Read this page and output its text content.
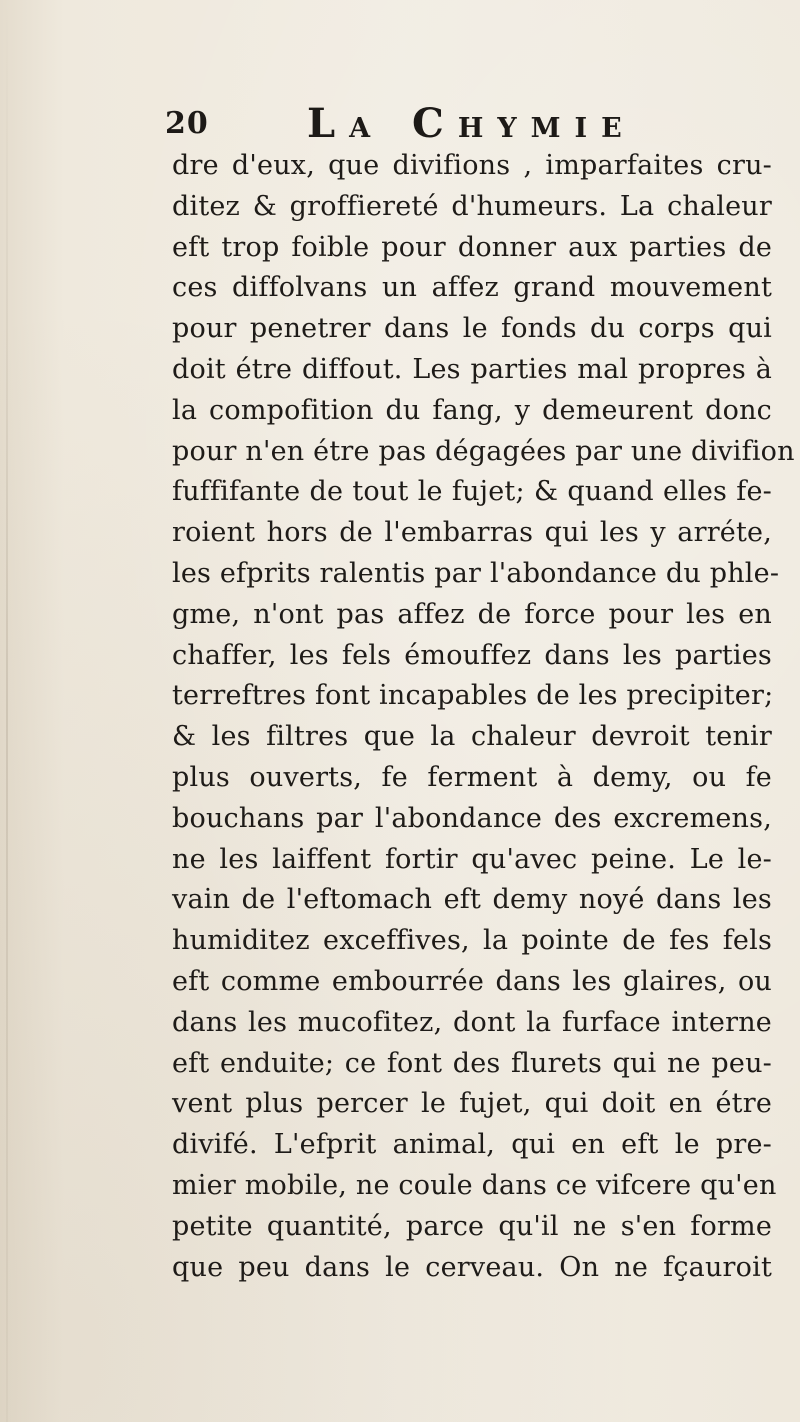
20 LA CHYMIE
dre d'eux, que divifions , imparfaites cru-
ditez & groffiereté d'humeurs. La chaleur
eft trop foible pour donner aux parties de
ces diffolvans un affez grand mouvement
pour penetrer dans le fonds du corps qui
doit étre diffout. Les parties mal propres à
la compofition du fang, y demeurent donc
pour n'en étre pas dégagées par une divifion
fuffifante de tout le fujet; & quand elles fe-
roient hors de l'embarras qui les y arréte,
les efprits ralentis par l'abondance du phle-
gme, n'ont pas affez de force pour les en
chaffer, les fels émouffez dans les parties
terreftres font incapables de les precipiter;
& les filtres que la chaleur devroit tenir
plus ouverts, fe ferment à demy, ou fe
bouchans par l'abondance des excremens,
ne les laiffent fortir qu'avec peine. Le le-
vain de l'eftomach eft demy noyé dans les
humiditez exceffives, la pointe de fes fels
eft comme embourrée dans les glaires, ou
dans les mucofitez, dont la furface interne
eft enduite; ce font des flurets qui ne peu-
vent plus percer le fujet, qui doit en étre
divifé. L'efprit animal, qui en eft le pre-
mier mobile, ne coule dans ce vifcere qu'en
petite quantité, parce qu'il ne s'en forme
que peu dans le cerveau. On ne fçauroit
